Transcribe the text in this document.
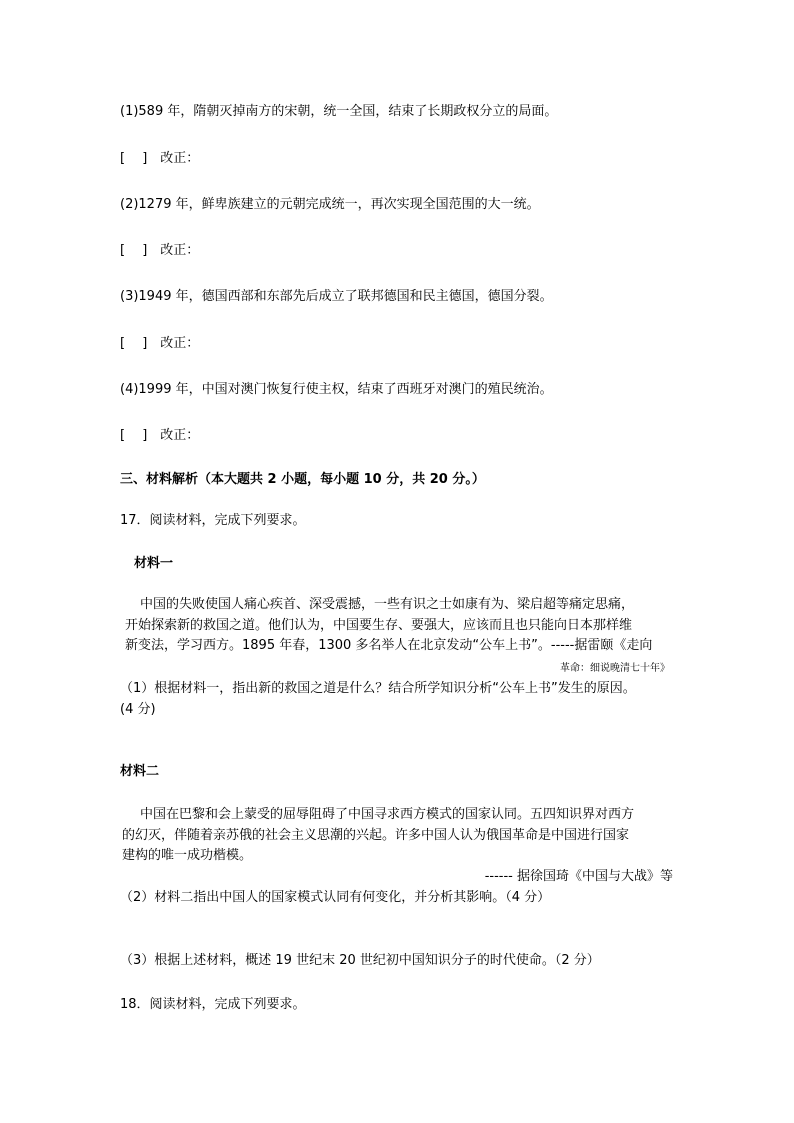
(1)589 年，隋朝灭掉南方的宋朝，统一全国，结束了长期政权分立的局面。
[　 ]　改正：
(2)1279 年，鲜卑族建立的元朝完成统一，再次实现全国范围的大一统。
[　 ]　改正：
(3)1949 年，德国西部和东部先后成立了联邦德国和民主德国，德国分裂。
[　 ]　改正：
(4)1999 年，中国对澳门恢复行使主权，结束了西班牙对澳门的殖民统治。
[　 ]　改正：
三、材料解析（本大题共 2 小题，每小题 10 分，共 20 分。）
17．阅读材料，完成下列要求。
材料一
中国的失败使国人痛心疾首、深受震撼，一些有识之士如康有为、梁启超等痛定思痛，
开始探索新的救国之道。他们认为，中国要生存、要强大，应该而且也只能向日本那样维
新变法，学习西方。1895 年春，1300 多名举人在北京发动“公车上书”。-----据雷颐《走向
革命：细说晚清七十年》
（1）根据材料一，指出新的救国之道是什么？结合所学知识分析“公车上书”发生的原因。
(4 分)
材料二
中国在巴黎和会上蒙受的屈辱阻碍了中国寻求西方模式的国家认同。五四知识界对西方
的幻灭，伴随着亲苏俄的社会主义思潮的兴起。许多中国人认为俄国革命是中国进行国家
建构的唯一成功楷模。
------ 据徐国琦《中国与大战》等
（2）材料二指出中国人的国家模式认同有何变化，并分析其影响。（4 分）
（3）根据上述材料，概述 19 世纪末 20 世纪初中国知识分子的时代使命。（2 分）
18．阅读材料，完成下列要求。
